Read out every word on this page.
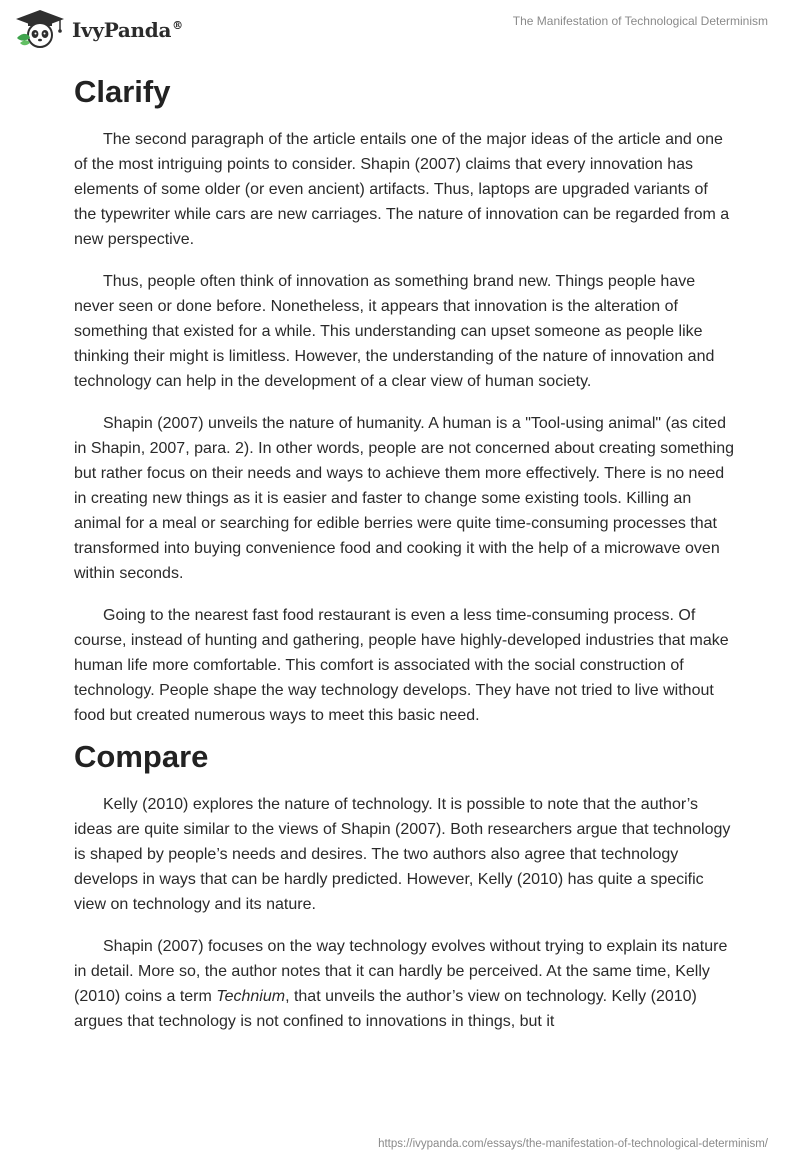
IvyPanda®	The Manifestation of Technological Determinism
Clarify

The second paragraph of the article entails one of the major ideas of the article and one of the most intriguing points to consider. Shapin (2007) claims that every innovation has elements of some older (or even ancient) artifacts. Thus, laptops are upgraded variants of the typewriter while cars are new carriages. The nature of innovation can be regarded from a new perspective.

Thus, people often think of innovation as something brand new. Things people have never seen or done before. Nonetheless, it appears that innovation is the alteration of something that existed for a while. This understanding can upset someone as people like thinking their might is limitless. However, the understanding of the nature of innovation and technology can help in the development of a clear view of human society.

Shapin (2007) unveils the nature of humanity. A human is a "Tool-using animal" (as cited in Shapin, 2007, para. 2). In other words, people are not concerned about creating something but rather focus on their needs and ways to achieve them more effectively. There is no need in creating new things as it is easier and faster to change some existing tools. Killing an animal for a meal or searching for edible berries were quite time-consuming processes that transformed into buying convenience food and cooking it with the help of a microwave oven within seconds.

Going to the nearest fast food restaurant is even a less time-consuming process. Of course, instead of hunting and gathering, people have highly-developed industries that make human life more comfortable. This comfort is associated with the social construction of technology. People shape the way technology develops. They have not tried to live without food but created numerous ways to meet this basic need.

Compare

Kelly (2010) explores the nature of technology. It is possible to note that the author’s ideas are quite similar to the views of Shapin (2007). Both researchers argue that technology is shaped by people’s needs and desires. The two authors also agree that technology develops in ways that can be hardly predicted. However, Kelly (2010) has quite a specific view on technology and its nature.

Shapin (2007) focuses on the way technology evolves without trying to explain its nature in detail. More so, the author notes that it can hardly be perceived. At the same time, Kelly (2010) coins a term Technium, that unveils the author’s view on technology. Kelly (2010) argues that technology is not confined to innovations in things, but it

https://ivypanda.com/essays/the-manifestation-of-technological-determinism/
